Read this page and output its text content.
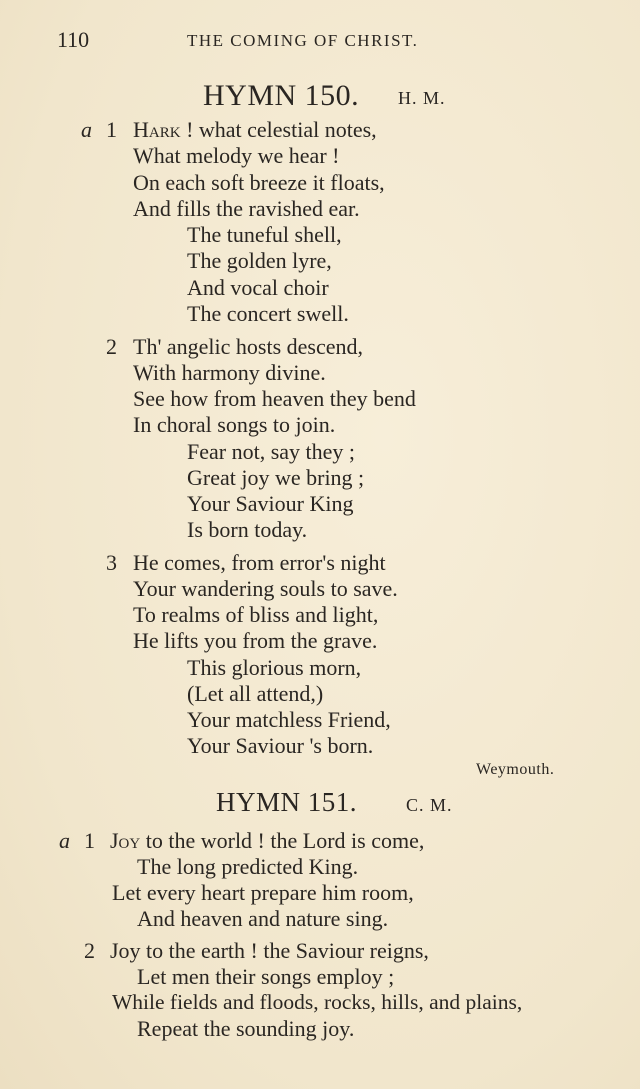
110	THE COMING OF CHRIST.
HYMN 150. H. M.
a 1 Hark ! what celestial notes,
What melody we hear !
On each soft breeze it floats,
And fills the ravished ear.
The tuneful shell,
The golden lyre,
And vocal choir
The concert swell.
2 Th' angelic hosts descend,
With harmony divine.
See how from heaven they bend
In choral songs to join.
Fear not, say they ;
Great joy we bring ;
Your Saviour King
Is born today.
3 He comes, from error's night
Your wandering souls to save.
To realms of bliss and light,
He lifts you from the grave.
This glorious morn,
(Let all attend,)
Your matchless Friend,
Your Saviour 's born.
Weymouth.
HYMN 151.	C. M.
a 1 Joy to the world ! the Lord is come,
The long predicted King.
Let every heart prepare him room,
And heaven and nature sing.
2 Joy to the earth ! the Saviour reigns,
Let men their songs employ ;
While fields and floods, rocks, hills, and plains,
Repeat the sounding joy.
